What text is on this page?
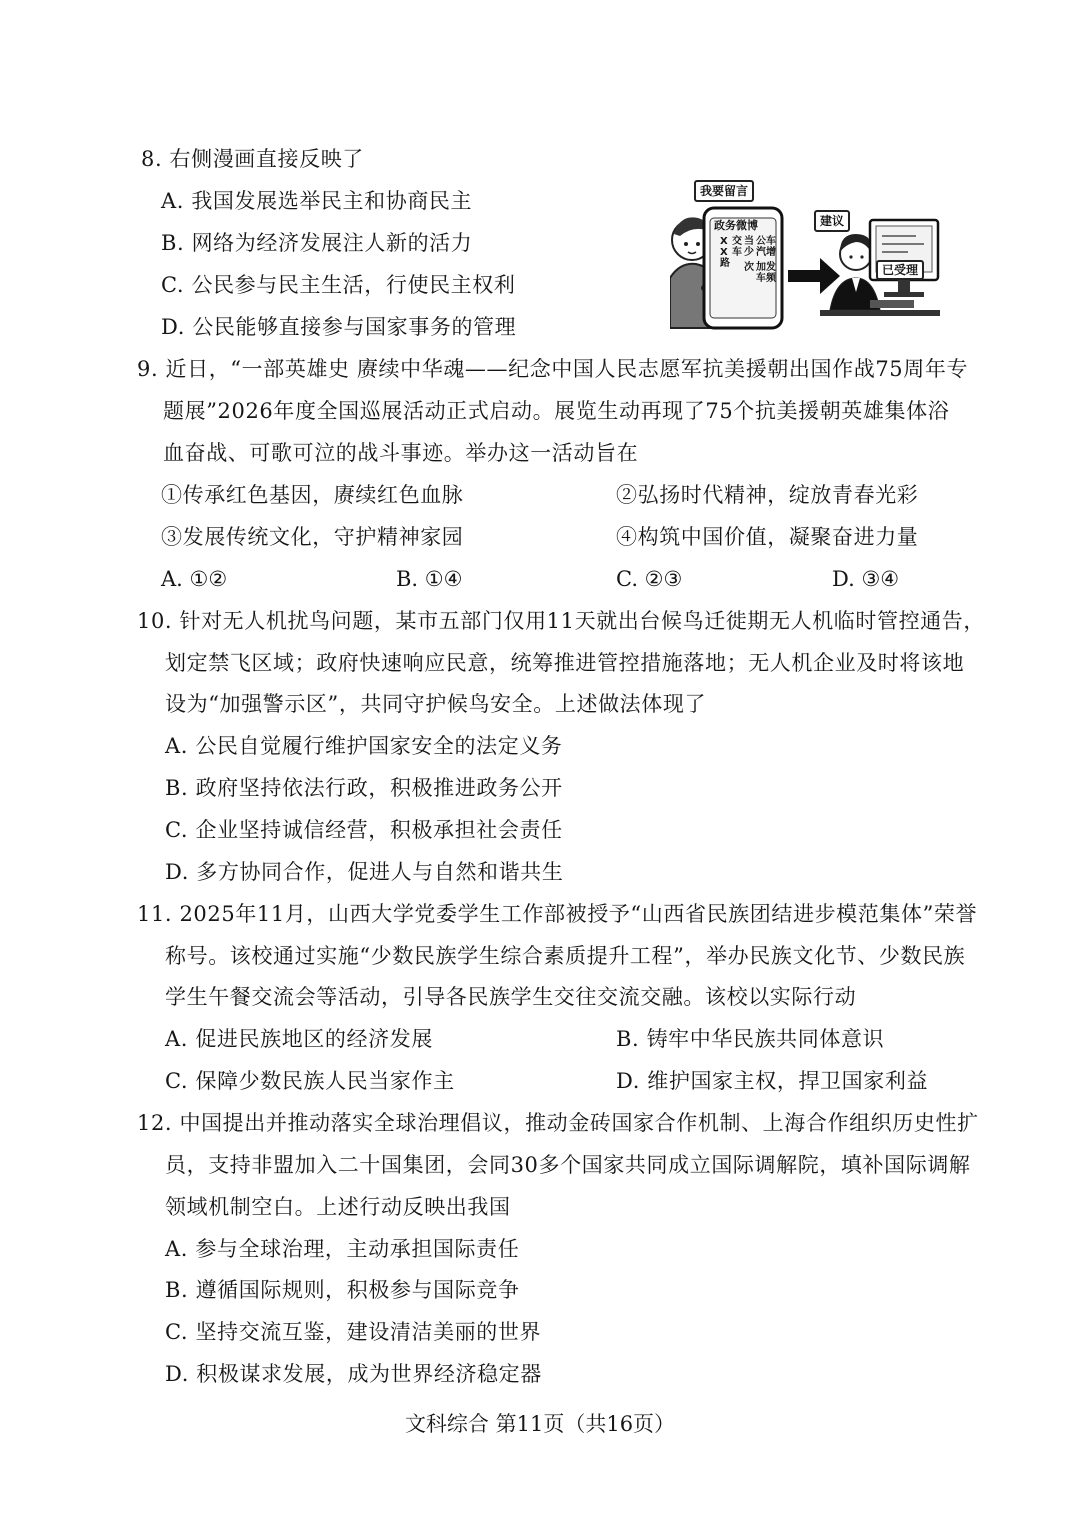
8. 右侧漫画直接反映了
A. 我国发展选举民主和协商民主
B. 网络为经济发展注人新的活力
C. 公民参与民主生活，行使民主权利
D. 公民能够直接参与国家事务的管理
我要留言
政务微博
XX路
交车
当少
公汽
车增
发频
加车
次
建议
已受理
9. 近日，“一部英雄史 赓续中华魂——纪念中国人民志愿军抗美援朝出国作战75周年专
题展”2026年度全国巡展活动正式启动。展览生动再现了75个抗美援朝英雄集体浴
血奋战、可歌可泣的战斗事迹。举办这一活动旨在
①传承红色基因，赓续红色血脉	②弘扬时代精神，绽放青春光彩
③发展传统文化，守护精神家园	④构筑中国价值，凝聚奋进力量
A. ①②	B. ①④	C. ②③	D. ③④
10. 针对无人机扰鸟问题，某市五部门仅用11天就出台候鸟迁徙期无人机临时管控通告，
划定禁飞区域；政府快速响应民意，统筹推进管控措施落地；无人机企业及时将该地
设为“加强警示区”，共同守护候鸟安全。上述做法体现了
A. 公民自觉履行维护国家安全的法定义务
B. 政府坚持依法行政，积极推进政务公开
C. 企业坚持诚信经营，积极承担社会责任
D. 多方协同合作，促进人与自然和谐共生
11. 2025年11月，山西大学党委学生工作部被授予“山西省民族团结进步模范集体”荣誉
称号。该校通过实施“少数民族学生综合素质提升工程”，举办民族文化节、少数民族
学生午餐交流会等活动，引导各民族学生交往交流交融。该校以实际行动
A. 促进民族地区的经济发展	B. 铸牢中华民族共同体意识
C. 保障少数民族人民当家作主	D. 维护国家主权，捍卫国家利益
12. 中国提出并推动落实全球治理倡议，推动金砖国家合作机制、上海合作组织历史性扩
员，支持非盟加入二十国集团，会同30多个国家共同成立国际调解院，填补国际调解
领域机制空白。上述行动反映出我国
A. 参与全球治理，主动承担国际责任
B. 遵循国际规则，积极参与国际竞争
C. 坚持交流互鉴，建设清洁美丽的世界
D. 积极谋求发展，成为世界经济稳定器
文科综合 第11页（共16页）
